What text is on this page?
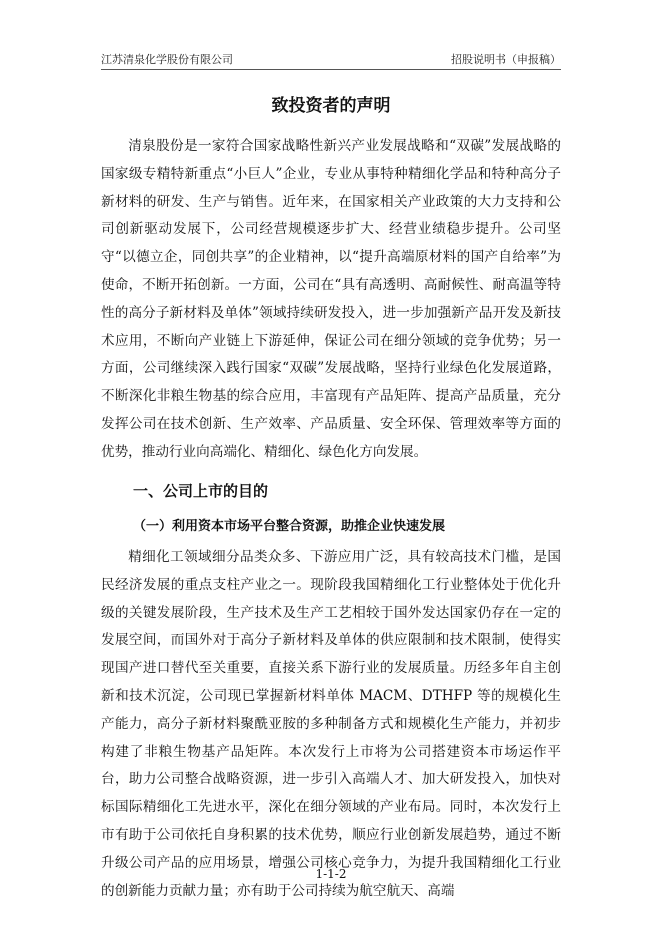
江苏清泉化学股份有限公司	招股说明书（申报稿）
致投资者的声明

清泉股份是一家符合国家战略性新兴产业发展战略和“双碳”发展战略的国家级专精特新重点“小巨人”企业，专业从事特种精细化学品和特种高分子新材料的研发、生产与销售。近年来，在国家相关产业政策的大力支持和公司创新驱动发展下，公司经营规模逐步扩大、经营业绩稳步提升。公司坚守“以德立企，同创共享”的企业精神，以“提升高端原材料的国产自给率”为使命，不断开拓创新。一方面，公司在“具有高透明、高耐候性、耐高温等特性的高分子新材料及单体”领域持续研发投入，进一步加强新产品开发及新技术应用，不断向产业链上下游延伸，保证公司在细分领域的竞争优势；另一方面，公司继续深入践行国家“双碳”发展战略，坚持行业绿色化发展道路，不断深化非粮生物基的综合应用，丰富现有产品矩阵、提高产品质量，充分发挥公司在技术创新、生产效率、产品质量、安全环保、管理效率等方面的优势，推动行业向高端化、精细化、绿色化方向发展。

一、公司上市的目的
（一）利用资本市场平台整合资源，助推企业快速发展

精细化工领域细分品类众多、下游应用广泛，具有较高技术门槛，是国民经济发展的重点支柱产业之一。现阶段我国精细化工行业整体处于优化升级的关键发展阶段，生产技术及生产工艺相较于国外发达国家仍存在一定的发展空间，而国外对于高分子新材料及单体的供应限制和技术限制，使得实现国产进口替代至关重要，直接关系下游行业的发展质量。历经多年自主创新和技术沉淀，公司现已掌握新材料单体 MACM、DTHFP 等的规模化生产能力，高分子新材料聚酰亚胺的多种制备方式和规模化生产能力，并初步构建了非粮生物基产品矩阵。本次发行上市将为公司搭建资本市场运作平台，助力公司整合战略资源，进一步引入高端人才、加大研发投入，加快对标国际精细化工先进水平，深化在细分领域的产业布局。同时，本次发行上市有助于公司依托自身积累的技术优势，顺应行业创新发展趋势，通过不断升级公司产品的应用场景，增强公司核心竞争力，为提升我国精细化工行业的创新能力贡献力量；亦有助于公司持续为航空航天、高端

1-1-2
